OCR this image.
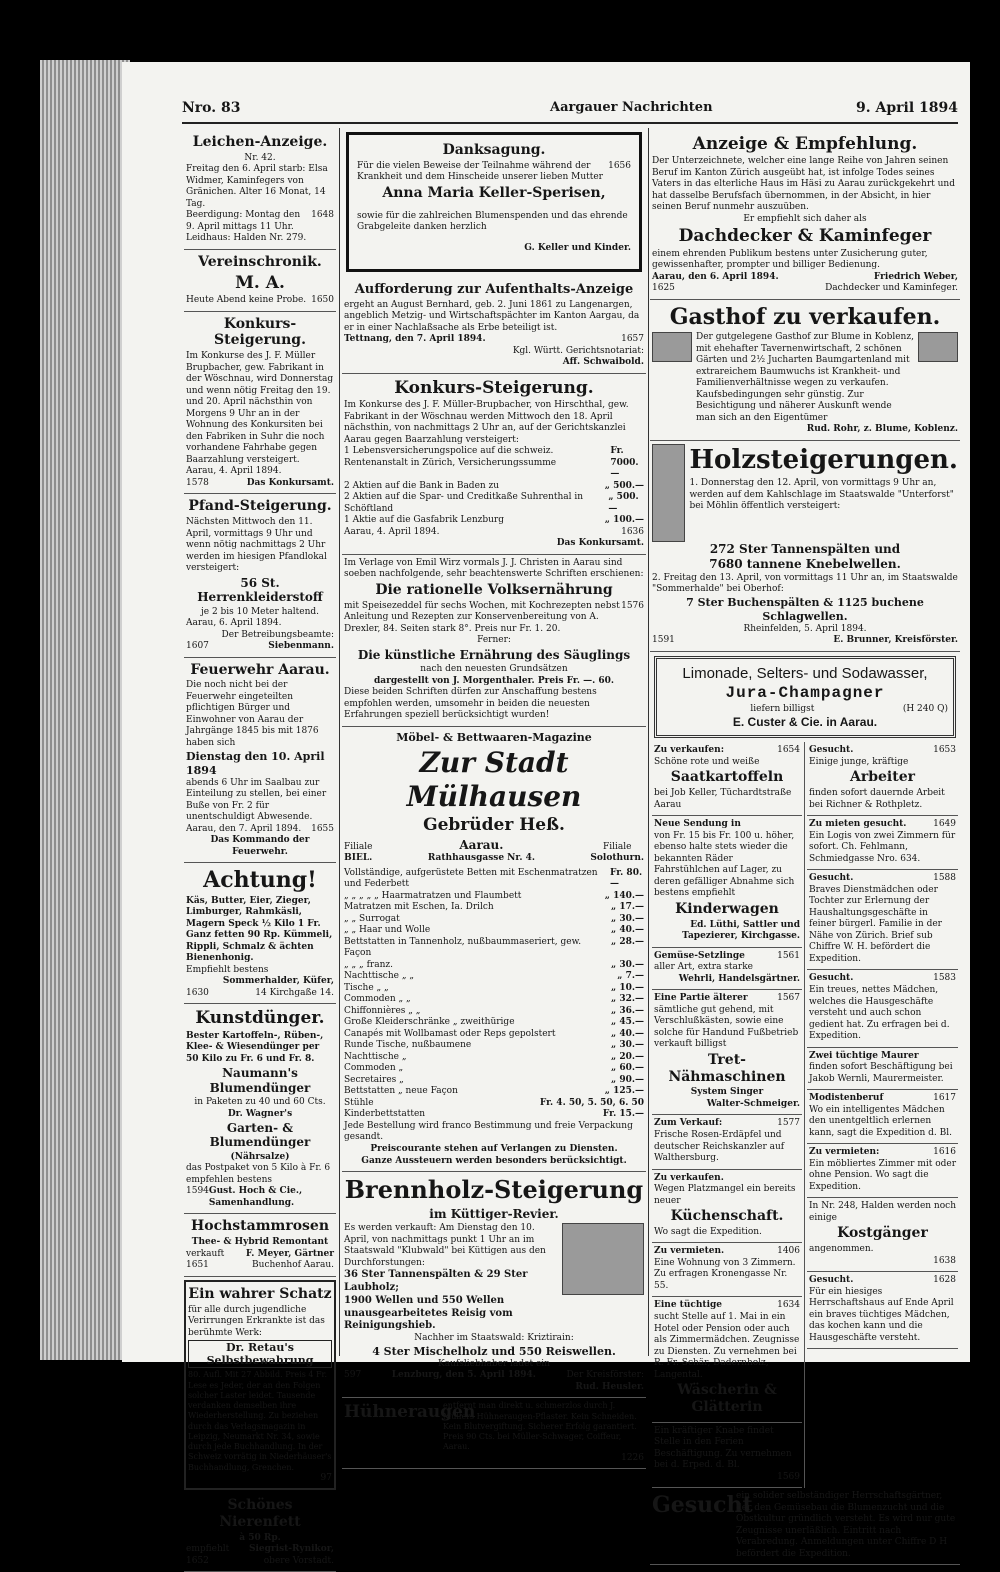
Nro. 83	Aargauer Nachrichten	9. April 1894
Leichen-Anzeige.

Nr. 42.

Freitag den 6. April starb: Elsa Widmer, Kaminfegers von Gränichen. Alter 16 Monat, 14 Tag.

Beerdigung: Montag den 9. April mittags 11 Uhr.
1648

Leidhaus: Halden Nr. 279.

Vereinschronik.
M. A.
Heute Abend keine Probe. 1650
Konkurs-Steigerung.

Im Konkurse des J. F. Müller Brupbacher, gew. Fabrikant in der Wöschnau, wird Donnerstag und wenn nötig Freitag den 19. und 20. April nächsthin von Morgens 9 Uhr an in der Wohnung des Konkursiten bei den Fabriken in Suhr die noch vorhandene Fahrhabe gegen Baarzahlung versteigert.

Aarau, 4. April 1894.

1578	Das Konkursamt.
Pfand-Steigerung.

Nächsten Mittwoch den 11. April, vormittags 9 Uhr und wenn nötig nachmittags 2 Uhr werden im hiesigen Pfandlokal versteigert:

56 St. Herrenkleiderstoff

je 2 bis 10 Meter haltend.

Aarau, 6. April 1894.

Der Betreibungsbeamte:

1607	Siebenmann.
Feuerwehr Aarau.

Die noch nicht bei der Feuerwehr eingeteilten pflichtigen Bürger und Einwohner von Aarau der Jahrgänge 1845 bis mit 1876 haben sich

Dienstag den 10. April 1894

abends 6 Uhr im Saalbau zur Einteilung zu stellen, bei einer Buße von Fr. 2 für unentschuldigt Abwesende.

Aarau, den 7. April 1894. 1655

Das Kommando der Feuerwehr.

Achtung!

Käs, Butter, Eier, Zieger, Limburger, Rahmkäsli, Magern Speck ½ Kilo 1 Fr. Ganz fetten 90 Rp. Kümmeli, Rippli, Schmalz & ächten Bienenhonig.

Empfiehlt bestens

Sommerhalder, Küfer,

1630	14 Kirchgaße 14.
Kunstdünger.

Bester Kartoffeln-, Rüben-, Klee- & Wiesendünger per 50 Kilo zu Fr. 6 und Fr. 8.

Naumann's Blumendünger

in Paketen zu 40 und 60 Cts.

Dr. Wagner's

Garten- & Blumendünger

(Nährsalze)

das Postpaket von 5 Kilo à Fr. 6 empfehlen bestens

1594 Gust. Hoch & Cie., Samenhandlung.
Hochstammrosen

Thee- & Hybrid Remontant

verkauft F. Meyer, Gärtner
1651	Buchenhof Aarau.
Ein wahrer Schatz

für alle durch jugendliche Verirrungen Erkrankte ist das berühmte Werk:

Dr. Retau's Selbstbewahrung

80. Aufl. Mit 27 Abbild. Preis 4 Fr. Lese es Jeder, der an den Folgen solcher Laster leidet. Tausende verdanken demselben ihre Wiederherstellung. Zu beziehen durch das Verlagsmagazin in Leipzig, Neumarkt Nr. 34, sowie durch jede Buchhandlung. In der Schweiz vorrätig in Niederhäuser's Buchhandlung, Grenchen.

97

Schönes Nierenfett

à 50 Rp.

empfiehlt Siegrist-Rynikor,
1652	obere Vorstadt.
Danksagung.
Für die vielen Beweise der Teilnahme während der Krankheit und dem Hinscheide unserer lieben Mutter
1656
Anna Maria Keller-Sperisen,

sowie für die zahlreichen Blumenspenden und das ehrende Grabgeleite danken herzlich

G. Keller und Kinder.

Aufforderung zur Aufenthalts-Anzeige

ergeht an August Bernhard, geb. 2. Juni 1861 zu Langenargen, angeblich Metzig- und Wirtschaftspächter im Kanton Aargau, da er in einer Nachlaßsache als Erbe beteiligt ist.

Tettnang, den 7. April 1894.	1657

Kgl. Württ. Gerichtsnotariat:

Aff. Schwaibold.

Konkurs-Steigerung.

Im Konkurse des J. F. Müller-Brupbacher, von Hirschthal, gew. Fabrikant in der Wöschnau werden Mittwoch den 18. April nächsthin, von nachmittags 2 Uhr an, auf der Gerichtskanzlei Aarau gegen Baarzahlung versteigert:

1 Lebensversicherungspolice auf die schweiz. Rentenanstalt in Zürich, Versicherungssumme
Fr. 7000.—
2 Aktien auf die Bank in Baden zu	„ 500.—
2 Aktien auf die Spar- und Creditkaße Suhrenthal in Schöftland
„ 500.—
1 Aktie auf die Gasfabrik Lenzburg	„ 100.—
Aarau, 4. April 1894.	1636

Das Konkursamt.

Im Verlage von Emil Wirz vormals J. J. Christen in Aarau sind soeben nachfolgende, sehr beachtenswerte Schriften erschienen:

Die rationelle Volksernährung
mit Speisezeddel für sechs Wochen, mit Kochrezepten nebst Anleitung und Rezepten zur Konservenbereitung von A. Drexler, 84. Seiten stark 8°. Preis nur Fr. 1. 20.
1576

Ferner:

Die künstliche Ernährung des Säuglings

nach den neuesten Grundsätzen

dargestellt von J. Morgenthaler. Preis Fr. —. 60.

Diese beiden Schriften dürfen zur Anschaffung bestens empfohlen werden, umsomehr in beiden die neuesten Erfahrungen speziell berücksichtigt wurden!

Möbel- & Bettwaaren-Magazine
Zur Stadt Mülhausen
Gebrüder Heß.
Filiale
BIEL.
Aarau.
Rathhausgasse Nr. 4.
Filiale
Solothurn.
Vollständige, aufgerüstete Betten mit Eschenmatratzen und Federbett
Fr. 80.—
„ „ „ „ „ Haarmatratzen und Flaumbett	„ 140.—
Matratzen mit Eschen, Ia. Drilch	„ 17.—
„ „ Surrogat	„ 30.—
„ „ Haar und Wolle	„ 40.—
Bettstatten in Tannenholz, nußbaummaseriert, gew. Façon
„ 28.—
„ „ „ franz.	„ 30.—
Nachttische „ „	„ 7.—
Tische „ „	„ 10.—
Commoden „ „	„ 32.—
Chiffonnières „ „	„ 36.—
Große Kleiderschränke „ zweithürige	„ 45.—
Canapés mit Wollbamast oder Reps gepolstert	„ 40.—
Runde Tische, nußbaumene	„ 30.—
Nachttische „	„ 20.—
Commoden „	„ 60.—
Secretaires „	„ 90.—
Bettstatten „ neue Façon	„ 125.—
Stühle	Fr. 4. 50, 5. 50, 6. 50
Kinderbettstatten	Fr. 15.—

Jede Bestellung wird franco Bestimmung und freie Verpackung gesandt.

Preiscourante stehen auf Verlangen zu Diensten.

Ganze Aussteuern werden besonders berücksichtigt.

Brennholz-Steigerung
im Küttiger-Revier.

Es werden verkauft: Am Dienstag den 10. April, von nachmittags punkt 1 Uhr an im Staatswald "Klubwald" bei Küttigen aus den Durchforstungen:

36 Ster Tannenspälten & 29 Ster Laubholz;

1900 Wellen und 550 Wellen unausgearbeitetes Reisig vom Reinigungshieb.

Nachher im Staatswald: Kriztirain:

4 Ster Mischelholz und 550 Reiswellen.

Kaufsliebhaber ladet ein

597	Lenzburg, den 5. April 1894.	Der Kreisförster:

Rud. Heusler.

Hühneraugen

entfernt man direkt u. schmerzlos durch J. Müllers Hühneraugen-Pflaster. Kein Schneiden. Kein Blutvergiftung. Sicherer Erfolg garantiert. Preis 90 Cts. bei Müller-Schwager, Coiffeur, Aarau.

1226

Anzeige & Empfehlung.

Der Unterzeichnete, welcher eine lange Reihe von Jahren seinen Beruf im Kanton Zürich ausgeübt hat, ist infolge Todes seines Vaters in das elterliche Haus im Häsi zu Aarau zurückgekehrt und hat dasselbe Berufsfach übernommen, in der Absicht, in hier seinen Beruf nunmehr auszuüben.

Er empfiehlt sich daher als

Dachdecker & Kaminfeger

einem ehrenden Publikum bestens unter Zusicherung guter, gewissenhafter, prompter und billiger Bedienung.

Aarau, den 6. April 1894.	Friedrich Weber,
1625	Dachdecker und Kaminfeger.
Gasthof zu verkaufen.

Der gutgelegene Gasthof zur Blume in Koblenz, mit ehehafter Tavernenwirtschaft, 2 schönen Gärten und 2½ Jucharten Baumgartenland mit extrareichem Baumwuchs ist Krankheit- und Familienverhältnisse wegen zu verkaufen. Kaufsbedingungen sehr günstig. Zur Besichtigung und näherer Auskunft wende man sich an den Eigentümer

Rud. Rohr, z. Blume, Koblenz.

Holzsteigerungen.

1. Donnerstag den 12. April, von vormittags 9 Uhr an, werden auf dem Kahlschlage im Staatswalde "Unterforst" bei Möhlin öffentlich versteigert:

272 Ster Tannenspälten und

7680 tannene Knebelwellen.

2. Freitag den 13. April, von vormittags 11 Uhr an, im Staatswalde "Sommerhalde" bei Oberhof:

7 Ster Buchenspälten & 1125 buchene Schlagwellen.

Rheinfelden, 5. April 1894.

1591	E. Brunner, Kreisförster.
Limonade, Selters- und Sodawasser,
Jura-Champagner
liefern billigst	(H 240 Q)
E. Custer & Cie. in Aarau.
Zu verkaufen:	1654

Schöne rote und weiße

Saatkartoffeln

bei Job Keller, Tüchardtstraße Aarau

Neue Sendung in

von Fr. 15 bis Fr. 100 u. höher, ebenso halte stets wieder die bekannten Räder Fahrstühlchen auf Lager, zu deren gefälliger Abnahme sich bestens empfiehlt

Kinderwagen

Ed. Lüthi, Sattler und Tapezierer, Kirchgasse.

Gemüse-Setzlinge	1561

aller Art, extra starke

Wehrli, Handelsgärtner.

Eine Partie älterer	1567

sämtliche gut gehend, mit Verschlußkästen, sowie eine solche für Handund Fußbetrieb verkauft billigst

Tret-Nähmaschinen

System Singer

Walter-Schmeiger.

Zum Verkauf:	1577

Frische Rosen-Erdäpfel und deutscher Reichskanzler auf Walthersburg.

Zu verkaufen.

Wegen Platzmangel ein bereits neuer

Küchenschaft.

Wo sagt die Expedition.

Zu vermieten.	1406

Eine Wohnung von 3 Zimmern. Zu erfragen Kronengasse Nr. 55.

Eine tüchtige	1634

sucht Stelle auf 1. Mai in ein Hotel oder Pension oder auch als Zimmermädchen. Zeugnisse zu Diensten. Zu vernehmen bei R. Fr. Schär, Dadernholz, Langental.

Wäscherin & Glätterin

Ein kräftiger Knabe findet Stelle in den Ferien Beschäftigung. Zu vernehmen bei d. Erped. d. Bl.

1569

Gesucht.	1653

Einige junge, kräftige

Arbeiter

finden sofort dauernde Arbeit bei Richner & Rothpletz.

Zu mieten gesucht.	1649

Ein Logis von zwei Zimmern für sofort. Ch. Fehlmann, Schmiedgasse Nro. 634.

Gesucht.	1588

Braves Dienstmädchen oder Tochter zur Erlernung der Haushaltungsgeschäfte in feiner bürgerl. Familie in der Nähe von Zürich. Brief sub Chiffre W. H. befördert die Expedition.

Gesucht.	1583

Ein treues, nettes Mädchen, welches die Hausgeschäfte versteht und auch schon gedient hat. Zu erfragen bei d. Expedition.

Zwei tüchtige Maurer

finden sofort Beschäftigung bei Jakob Wernli, Maurermeister.

Modistenberuf	1617

Wo ein intelligentes Mädchen den unentgeltlich erlernen kann, sagt die Expedition d. Bl.

Zu vermieten:	1616

Ein möbliertes Zimmer mit oder ohne Pension. Wo sagt die Expedition.

In Nr. 248, Halden werden noch einige

Kostgänger

angenommen.

1638

Gesucht.	1628

Für ein hiesiges Herrschaftshaus auf Ende April ein braves tüchtiges Mädchen, das kochen kann und die Hausgeschäfte versteht.

Gesucht

ein solider selbständiger Herrschaftsgärtner, der den Gemüsebau die Blumenzucht und die Obstkultur gründlich versteht. Es wird nur gute Zeugnisse unerläßlich. Eintritt nach Verabredung. Anmeldungen unter Chiffre D H befördert die Expedition.
